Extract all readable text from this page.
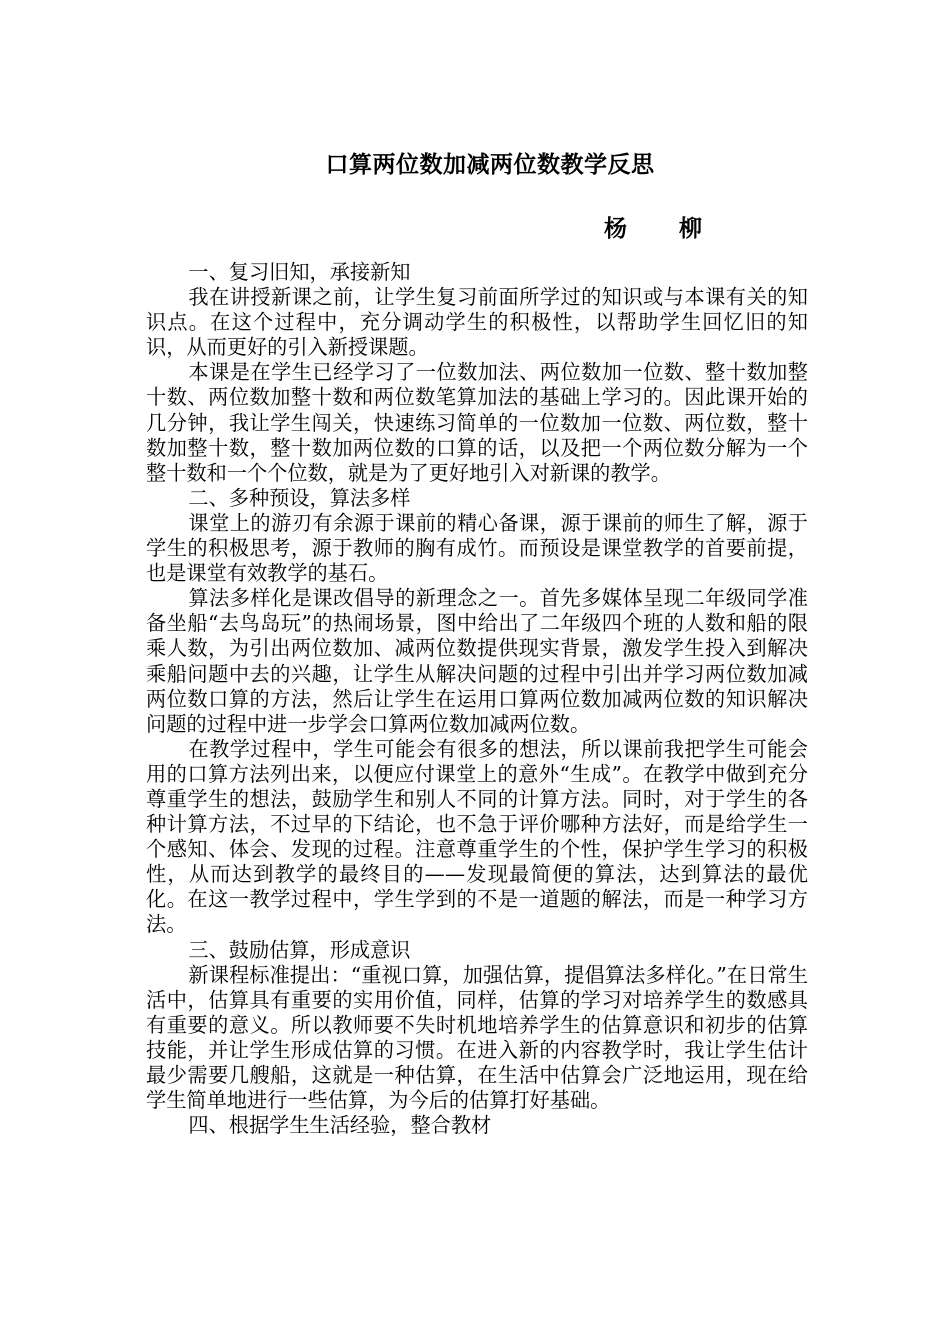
口算两位数加减两位数教学反思
杨 柳

一、复习旧知，承接新知

我在讲授新课之前，让学生复习前面所学过的知识或与本课有关的知识点。在这个过程中，充分调动学生的积极性，以帮助学生回忆旧的知识，从而更好的引入新授课题。

本课是在学生已经学习了一位数加法、两位数加一位数、整十数加整十数、两位数加整十数和两位数笔算加法的基础上学习的。因此课开始的几分钟，我让学生闯关，快速练习简单的一位数加一位数、两位数，整十数加整十数，整十数加两位数的口算的话，以及把一个两位数分解为一个整十数和一个个位数，就是为了更好地引入对新课的教学。

二、多种预设，算法多样

课堂上的游刃有余源于课前的精心备课，源于课前的师生了解，源于学生的积极思考，源于教师的胸有成竹。而预设是课堂教学的首要前提，也是课堂有效教学的基石。

算法多样化是课改倡导的新理念之一。首先多媒体呈现二年级同学准备坐船“去鸟岛玩”的热闹场景，图中给出了二年级四个班的人数和船的限乘人数，为引出两位数加、减两位数提供现实背景，激发学生投入到解决乘船问题中去的兴趣，让学生从解决问题的过程中引出并学习两位数加减两位数口算的方法，然后让学生在运用口算两位数加减两位数的知识解决问题的过程中进一步学会口算两位数加减两位数。

在教学过程中，学生可能会有很多的想法，所以课前我把学生可能会用的口算方法列出来，以便应付课堂上的意外“生成”。在教学中做到充分尊重学生的想法，鼓励学生和别人不同的计算方法。同时，对于学生的各种计算方法，不过早的下结论，也不急于评价哪种方法好，而是给学生一个感知、体会、发现的过程。注意尊重学生的个性，保护学生学习的积极性，从而达到教学的最终目的——发现最简便的算法，达到算法的最优化。在这一教学过程中，学生学到的不是一道题的解法，而是一种学习方法。

三、鼓励估算，形成意识

新课程标准提出：“重视口算，加强估算，提倡算法多样化。”在日常生活中，估算具有重要的实用价值，同样，估算的学习对培养学生的数感具有重要的意义。所以教师要不失时机地培养学生的估算意识和初步的估算技能，并让学生形成估算的习惯。在进入新的内容教学时，我让学生估计最少需要几艘船，这就是一种估算，在生活中估算会广泛地运用，现在给学生简单地进行一些估算，为今后的估算打好基础。

四、根据学生生活经验，整合教材
